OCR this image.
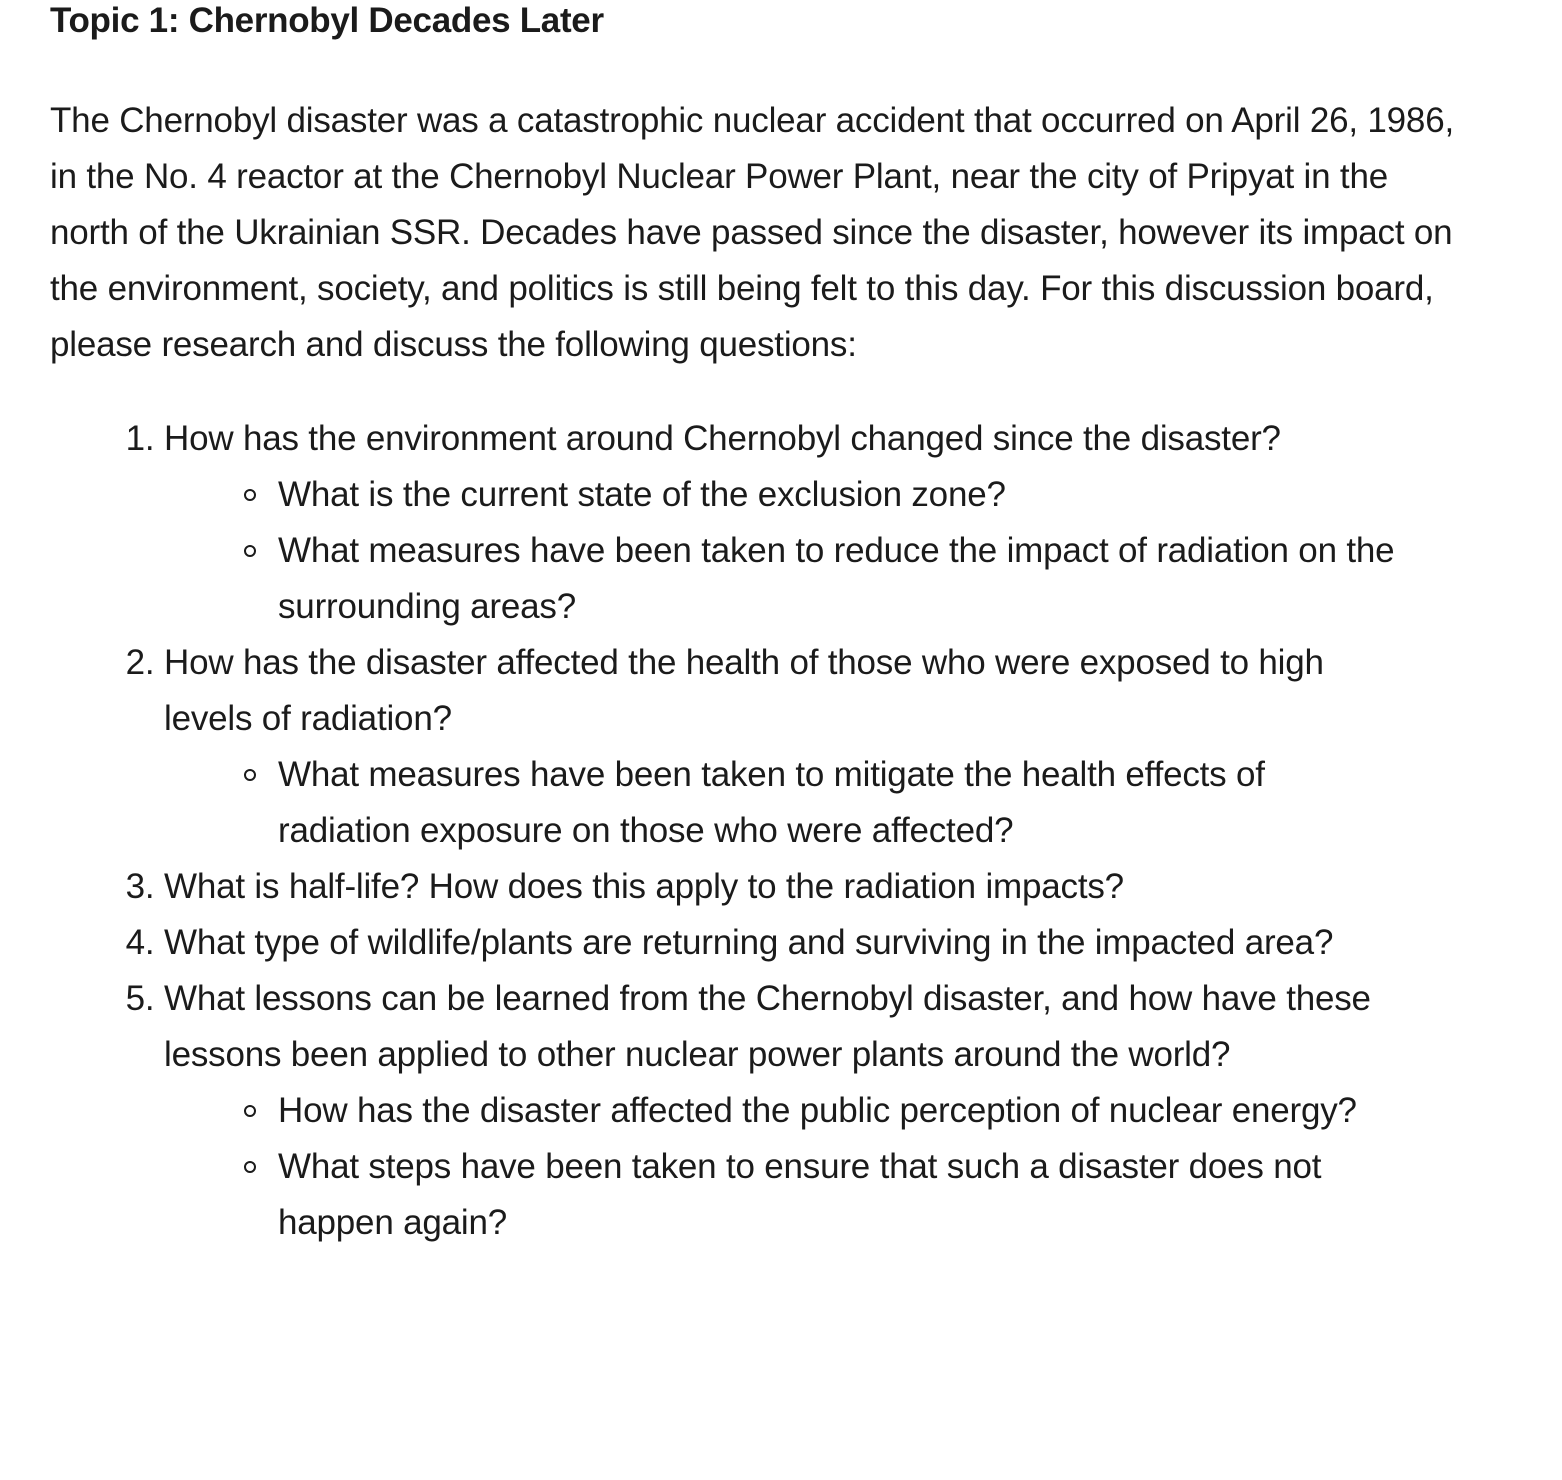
Topic 1: Chernobyl Decades Later

The Chernobyl disaster was a catastrophic nuclear accident that occurred on April 26, 1986, in the No. 4 reactor at the Chernobyl Nuclear Power Plant, near the city of Pripyat in the north of the Ukrainian SSR. Decades have passed since the disaster, however its impact on the environment, society, and politics is still being felt to this day. For this discussion board, please research and discuss the following questions:

1. How has the environment around Chernobyl changed since the disaster?
What is the current state of the exclusion zone?
What measures have been taken to reduce the impact of radiation on the surrounding areas?
2. How has the disaster affected the health of those who were exposed to high levels of radiation?
What measures have been taken to mitigate the health effects of radiation exposure on those who were affected?
3. What is half-life? How does this apply to the radiation impacts?
4. What type of wildlife/plants are returning and surviving in the impacted area?
5. What lessons can be learned from the Chernobyl disaster, and how have these lessons been applied to other nuclear power plants around the world?
How has the disaster affected the public perception of nuclear energy?
What steps have been taken to ensure that such a disaster does not happen again?
